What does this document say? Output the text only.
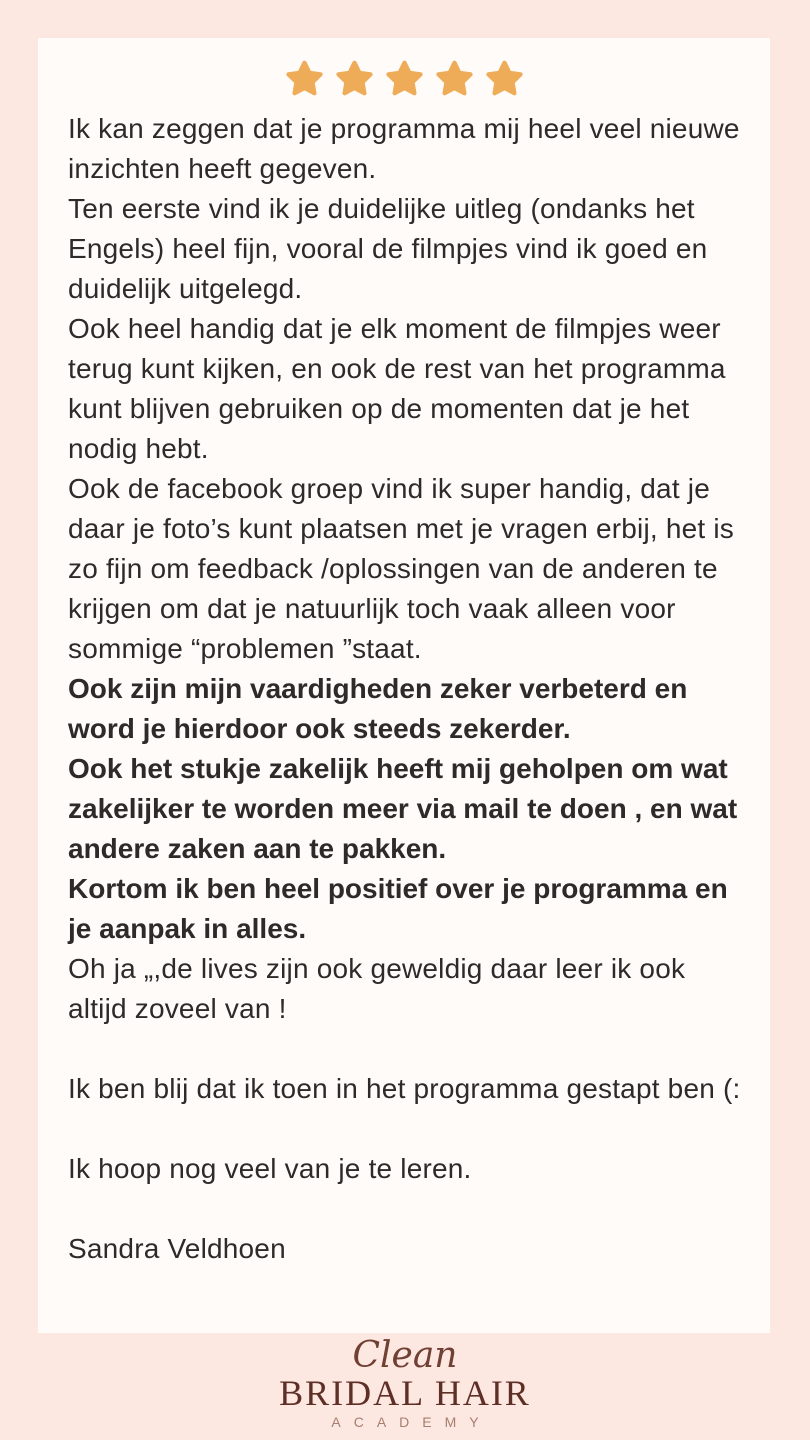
Ik kan zeggen dat je programma mij heel veel nieuwe inzichten heeft gegeven.

Ten eerste vind ik je duidelijke uitleg (ondanks het Engels) heel fijn, vooral de filmpjes vind ik goed en duidelijk uitgelegd.

Ook heel handig dat je elk moment de filmpjes weer terug kunt kijken, en ook de rest van het programma kunt blijven gebruiken op de momenten dat je het nodig hebt.

Ook de facebook groep vind ik super handig, dat je daar je foto’s kunt plaatsen met je vragen erbij, het is zo fijn om feedback /oplossingen van de anderen te krijgen om dat je natuurlijk toch vaak alleen voor sommige “problemen ”staat.

Ook zijn mijn vaardigheden zeker verbeterd en word je hierdoor ook steeds zekerder.

Ook het stukje zakelijk heeft mij geholpen om wat zakelijker te worden meer via mail te doen , en wat andere zaken aan te pakken.

Kortom ik ben heel positief over je programma en je aanpak in alles.

Oh ja „,de lives zijn ook geweldig daar leer ik ook altijd zoveel van !

Ik ben blij dat ik toen in het programma gestapt ben (:

Ik hoop nog veel van je te leren.

Sandra Veldhoen

Clean
BRIDAL HAIR
ACADEMY
